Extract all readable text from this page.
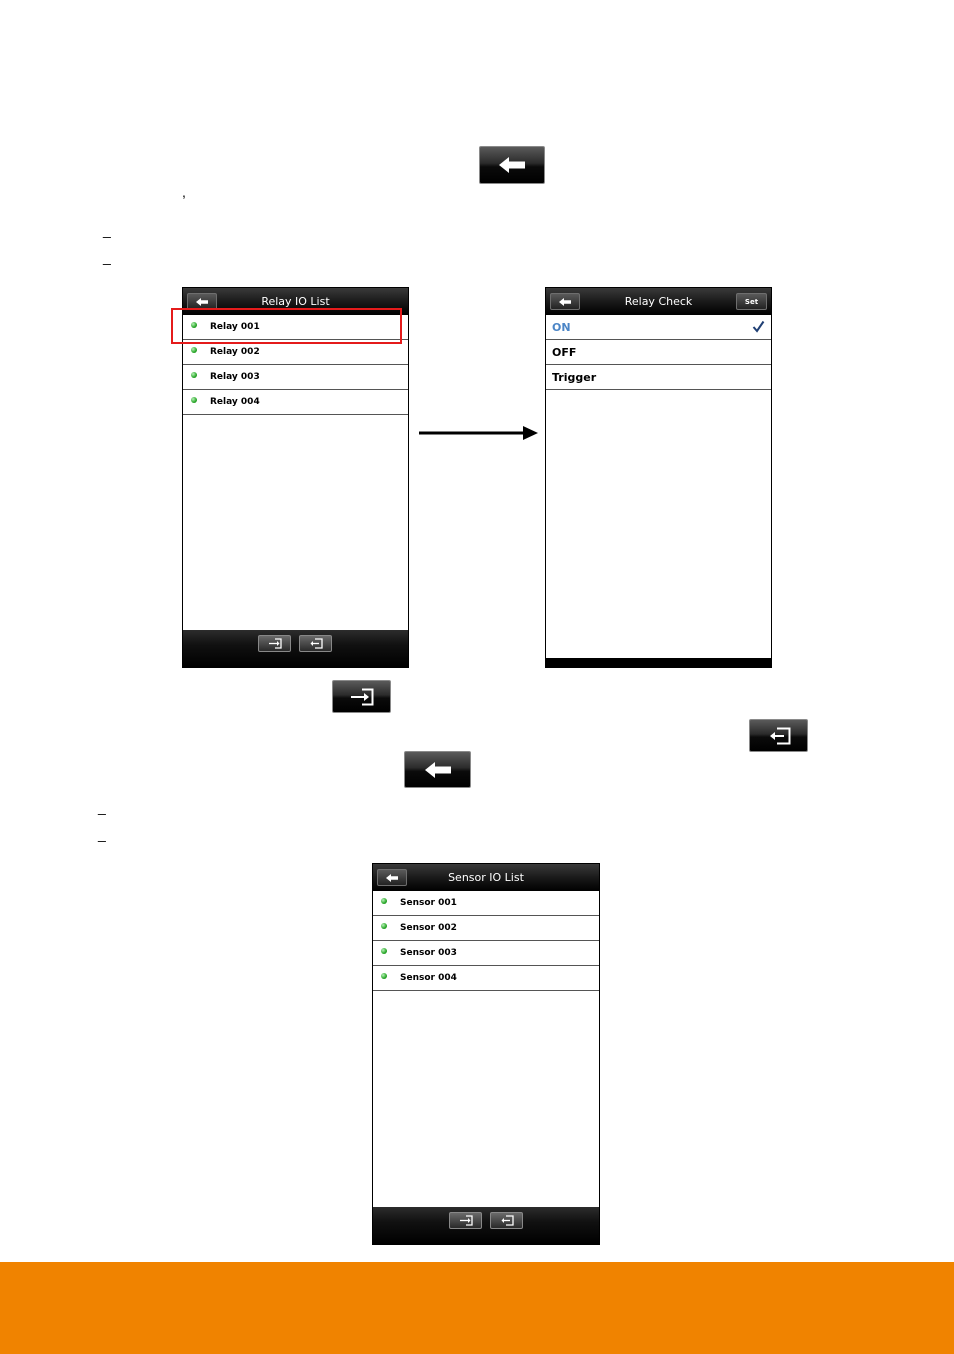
,
_
_
Relay IO List
Relay 001
Relay 002
Relay 003
Relay 004
Relay Check	Set
ON
OFF
Trigger
_
_
Sensor IO List
Sensor 001
Sensor 002
Sensor 003
Sensor 004
